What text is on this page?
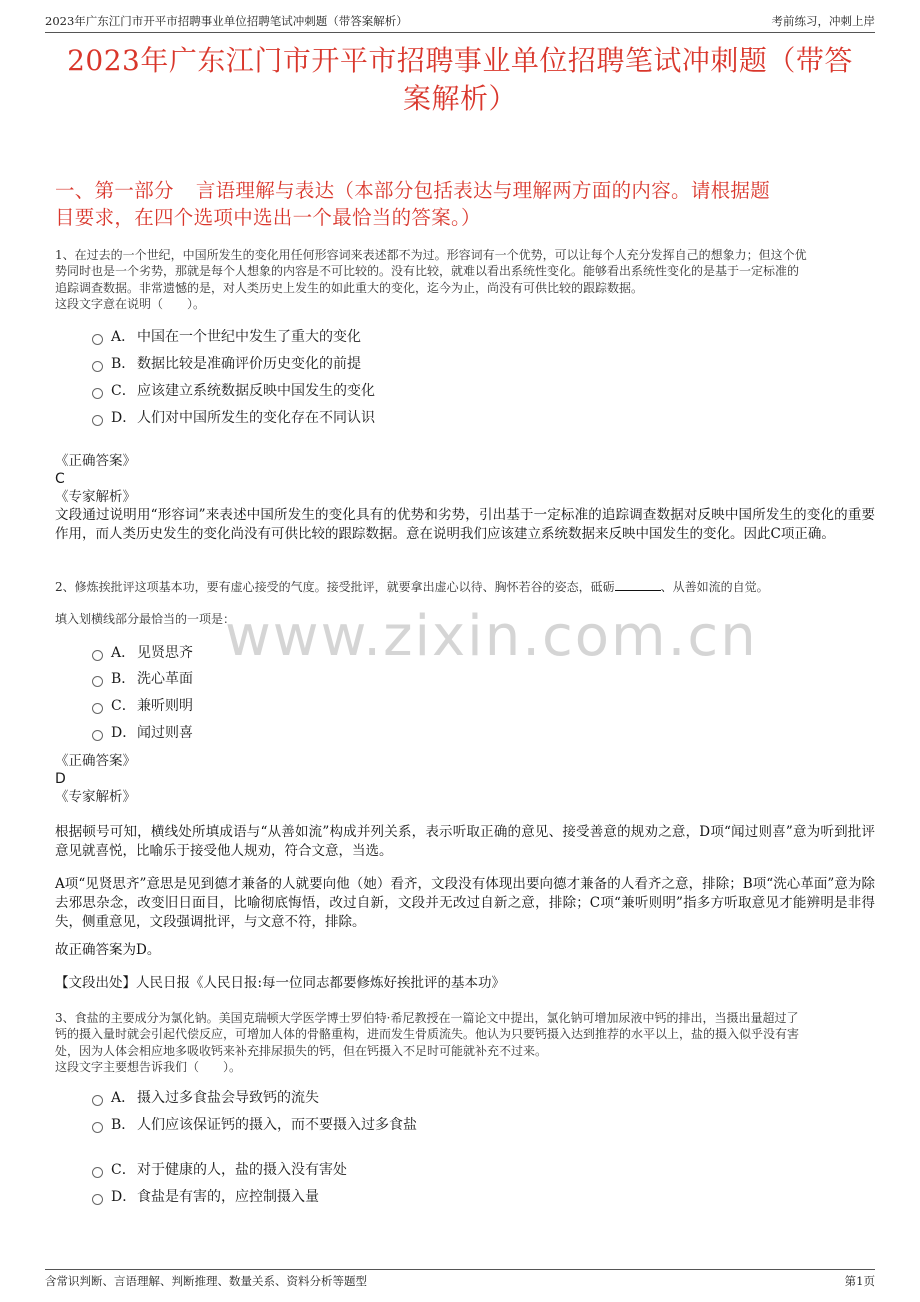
2023年广东江门市开平市招聘事业单位招聘笔试冲刺题（带答案解析）	考前练习，冲刺上岸
2023年广东江门市开平市招聘事业单位招聘笔试冲刺题（带答
案解析）
一、第一部分 言语理解与表达（本部分包括表达与理解两方面的内容。请根据题
目要求，在四个选项中选出一个最恰当的答案。）
1、在过去的一个世纪，中国所发生的变化用任何形容词来表述都不为过。形容词有一个优势，可以让每个人充分发挥自己的想象力；但这个优
势同时也是一个劣势，那就是每个人想象的内容是不可比较的。没有比较，就难以看出系统性变化。能够看出系统性变化的是基于一定标准的
追踪调查数据。非常遗憾的是，对人类历史上发生的如此重大的变化，迄今为止，尚没有可供比较的跟踪数据。
这段文字意在说明（　　）。
A． 中国在一个世纪中发生了重大的变化
B． 数据比较是准确评价历史变化的前提
C．应该建立系统数据反映中国发生的变化
D．人们对中国所发生的变化存在不同认识
《正确答案》
C
《专家解析》
文段通过说明用“形容词”来表述中国所发生的变化具有的优势和劣势，引出基于一定标准的追踪调查数据对反映中国所发生的变化的重要作用，而人类历史发生的变化尚没有可供比较的跟踪数据。意在说明我们应该建立系统数据来反映中国发生的变化。因此C项正确。
2、修炼挨批评这项基本功，要有虚心接受的气度。接受批评，就要拿出虚心以待、胸怀若谷的姿态，砥砺	、从善如流的自觉。
填入划横线部分最恰当的一项是：
www.zixin.com.cn
A． 见贤思齐
B． 洗心革面
C．兼听则明
D．闻过则喜
《正确答案》
D
《专家解析》
根据顿号可知，横线处所填成语与“从善如流”构成并列关系，表示听取正确的意见、接受善意的规劝之意，D项“闻过则喜”意为听到批评意见就喜悦，比喻乐于接受他人规劝，符合文意，当选。
A项“见贤思齐”意思是见到德才兼备的人就要向他（她）看齐，文段没有体现出要向德才兼备的人看齐之意，排除；B项“洗心革面”意为除去邪思杂念，改变旧日面目，比喻彻底悔悟，改过自新，文段并无改过自新之意，排除；C项“兼听则明”指多方听取意见才能辨明是非得失，侧重意见，文段强调批评，与文意不符，排除。
故正确答案为D。
【文段出处】人民日报《人民日报:每一位同志都要修炼好挨批评的基本功》
3、食盐的主要成分为氯化钠。美国克瑞顿大学医学博士罗伯特·希尼教授在一篇论文中提出，氯化钠可增加尿液中钙的排出，当摄出量超过了
钙的摄入量时就会引起代偿反应，可增加人体的骨骼重构，进而发生骨质流失。他认为只要钙摄入达到推荐的水平以上，盐的摄入似乎没有害
处，因为人体会相应地多吸收钙来补充排尿损失的钙，但在钙摄入不足时可能就补充不过来。
这段文字主要想告诉我们（　　）。
A． 摄入过多食盐会导致钙的流失
B． 人们应该保证钙的摄入，而不要摄入过多食盐
C．对于健康的人，盐的摄入没有害处
D．食盐是有害的，应控制摄入量
含常识判断、言语理解、判断推理、数量关系、资料分析等题型	第1页
